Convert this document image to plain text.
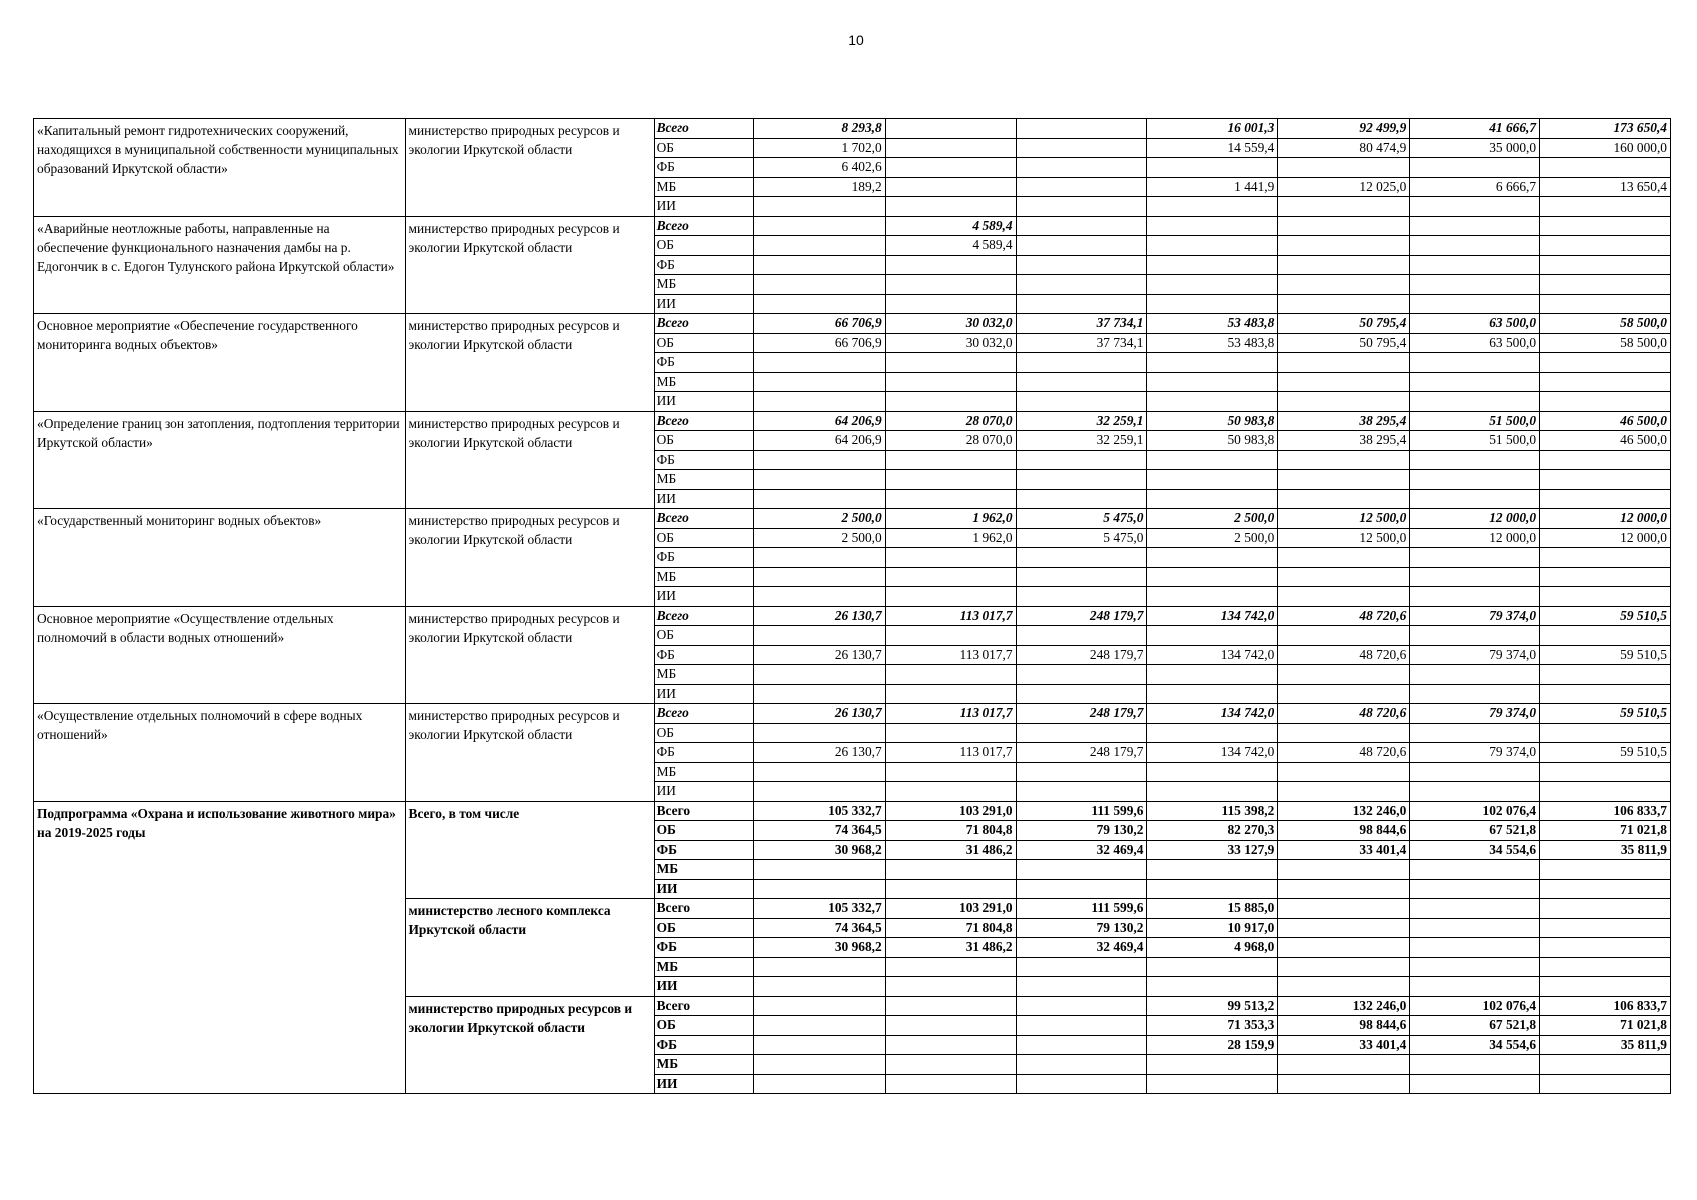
10
«Капитальный ремонт гидротехнических сооружений, находящихся в муниципальной собственности муниципальных образований Иркутской области»	министерство природных ресурсов и экологии Иркутской области	Всего	8 293,8			16 001,3	92 499,9	41 666,7	173 650,4
		ОБ	1 702,0			14 559,4	80 474,9	35 000,0	160 000,0
		ФБ	6 402,6						
		МБ	189,2			1 441,9	12 025,0	6 666,7	13 650,4
		ИИ							
«Аварийные неотложные работы, направленные на обеспечение функционального назначения дамбы на р. Едогончик в с. Едогон Тулунского района Иркутской области»	министерство природных ресурсов и экологии Иркутской области	Всего		4 589,4					
		ОБ		4 589,4					
		ФБ							
		МБ							
		ИИ							
Основное мероприятие «Обеспечение государственного мониторинга водных объектов»	министерство природных ресурсов и экологии Иркутской области	Всего	66 706,9	30 032,0	37 734,1	53 483,8	50 795,4	63 500,0	58 500,0
		ОБ	66 706,9	30 032,0	37 734,1	53 483,8	50 795,4	63 500,0	58 500,0
		ФБ							
		МБ							
		ИИ							
«Определение границ зон затопления, подтопления территории Иркутской области»	министерство природных ресурсов и экологии Иркутской области	Всего	64 206,9	28 070,0	32 259,1	50 983,8	38 295,4	51 500,0	46 500,0
		ОБ	64 206,9	28 070,0	32 259,1	50 983,8	38 295,4	51 500,0	46 500,0
		ФБ							
		МБ							
		ИИ							
«Государственный мониторинг водных объектов»	министерство природных ресурсов и экологии Иркутской области	Всего	2 500,0	1 962,0	5 475,0	2 500,0	12 500,0	12 000,0	12 000,0
		ОБ	2 500,0	1 962,0	5 475,0	2 500,0	12 500,0	12 000,0	12 000,0
		ФБ							
		МБ							
		ИИ							
Основное мероприятие «Осуществление отдельных полномочий в области водных отношений»	министерство природных ресурсов и экологии Иркутской области	Всего	26 130,7	113 017,7	248 179,7	134 742,0	48 720,6	79 374,0	59 510,5
		ОБ							
		ФБ	26 130,7	113 017,7	248 179,7	134 742,0	48 720,6	79 374,0	59 510,5
		МБ							
		ИИ							
«Осуществление отдельных полномочий в сфере водных отношений»	министерство природных ресурсов и экологии Иркутской области	Всего	26 130,7	113 017,7	248 179,7	134 742,0	48 720,6	79 374,0	59 510,5
		ОБ							
		ФБ	26 130,7	113 017,7	248 179,7	134 742,0	48 720,6	79 374,0	59 510,5
		МБ							
		ИИ							
Подпрограмма «Охрана и использование животного мира» на 2019-2025 годы	Всего, в том числе	Всего	105 332,7	103 291,0	111 599,6	115 398,2	132 246,0	102 076,4	106 833,7
		ОБ	74 364,5	71 804,8	79 130,2	82 270,3	98 844,6	67 521,8	71 021,8
		ФБ	30 968,2	31 486,2	32 469,4	33 127,9	33 401,4	34 554,6	35 811,9
		МБ							
		ИИ							
	министерство лесного комплекса Иркутской области	Всего	105 332,7	103 291,0	111 599,6	15 885,0			
		ОБ	74 364,5	71 804,8	79 130,2	10 917,0			
		ФБ	30 968,2	31 486,2	32 469,4	4 968,0			
		МБ							
		ИИ							
	министерство природных ресурсов и экологии Иркутской области	Всего				99 513,2	132 246,0	102 076,4	106 833,7
		ОБ				71 353,3	98 844,6	67 521,8	71 021,8
		ФБ				28 159,9	33 401,4	34 554,6	35 811,9
		МБ							
		ИИ							
